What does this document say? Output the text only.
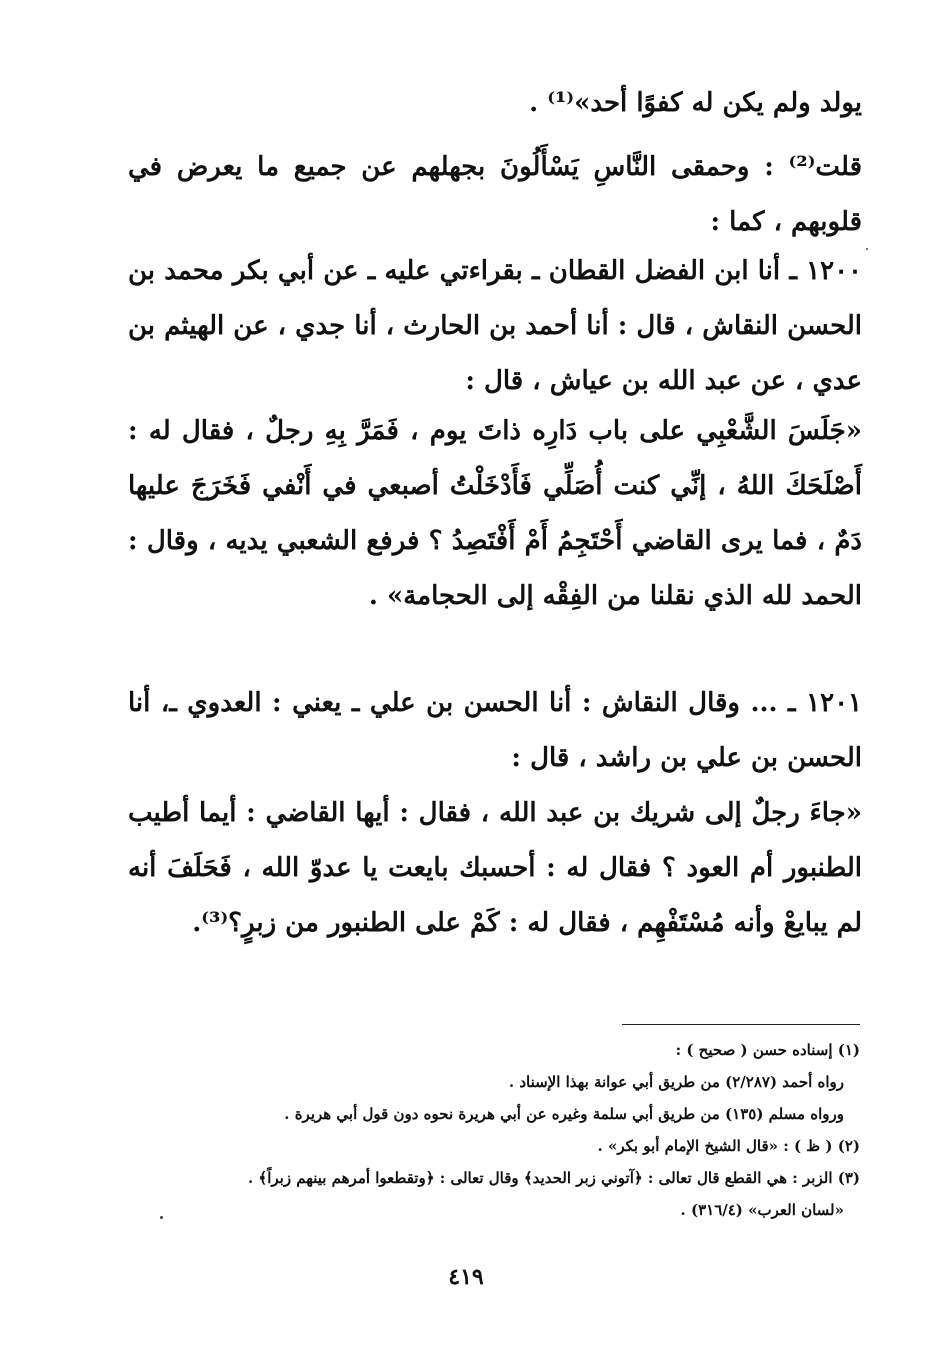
يولد ولم يكن له كفوًا أحد»⁽¹⁾ .
قلت⁽²⁾ : وحمقى النَّاسِ يَسْأَلُونَ بجهلهم عن جميع ما يعرض في قلوبهم ، كما :
١٢٠٠ ـ أنا ابن الفضل القطان ـ بقراءتي عليه ـ عن أبي بكر محمد بن الحسن النقاش ، قال : أنا أحمد بن الحارث ، أنا جدي ، عن الهيثم بن عدي ، عن عبد الله بن عياش ، قال :
«جَلَسَ الشَّعْبِي على باب دَارِه ذاتَ يوم ، فَمَرَّ بِهِ رجلٌ ، فقال له : أَصْلَحَكَ اللهُ ، إنِّي كنت أُصَلِّي فَأَدْخَلْتُ أصبعي في أَنْفي فَخَرَجَ عليها دَمٌ ، فما يرى القاضي أَحْتَجِمُ أَمْ أَفْتَصِدُ ؟ فرفع الشعبي يديه ، وقال : الحمد لله الذي نقلنا من الفِقْه إلى الحجامة» .
١٢٠١ ـ ... وقال النقاش : أنا الحسن بن علي ـ يعني : العدوي ـ، أنا الحسن بن علي بن راشد ، قال :
«جاءَ رجلٌ إلى شريك بن عبد الله ، فقال : أيها القاضي : أيما أطيب الطنبور أم العود ؟ فقال له : أحسبك بايعت يا عدوّ الله ، فَحَلَفَ أنه لم يبايعْ وأنه مُسْتَفْهِم ، فقال له : كَمْ على الطنبور من زبرٍ؟⁽³⁾.
(١) إسناده حسن ( صحيح ) :
رواه أحمد (٢/٢٨٧) من طريق أبي عوانة بهذا الإسناد .
ورواه مسلم (١٣٥) من طريق أبي سلمة وغيره عن أبي هريرة نحوه دون قول أبي هريرة .
(٢) ( ظ ) : «قال الشيخ الإمام أبو بكر» .
(٣) الزبر : هي القطع قال تعالى : ﴿آتوني زبر الحديد﴾ وقال تعالى : ﴿وتقطعوا أمرهم بينهم زبراً﴾ .
«لسان العرب» (٣١٦/٤) .
٤١٩
